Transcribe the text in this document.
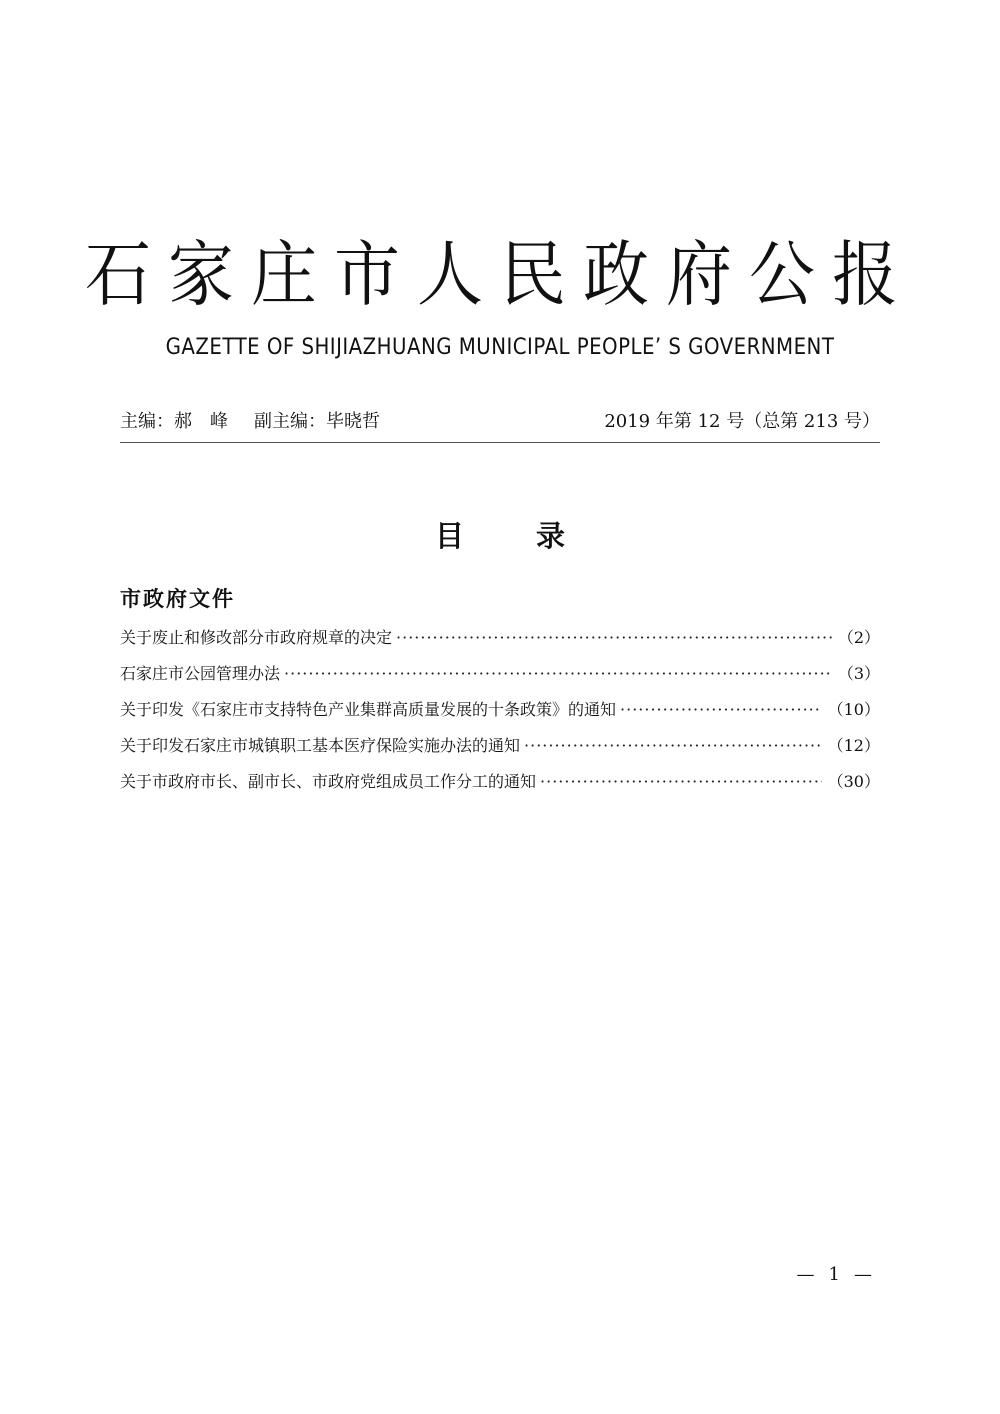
石家庄市人民政府公报
GAZETTE OF SHIJIAZHUANG MUNICIPAL PEOPLE’ S GOVERNMENT
主编：郝　峰 副主编：毕晓哲	2019 年第 12 号（总第 213 号）
目录
市政府文件
关于废止和修改部分市政府规章的决定 ·····	（2）
石家庄市公园管理办法 ·····	（3）
关于印发《石家庄市支持特色产业集群高质量发展的十条政策》的通知 ·····	（10）
关于印发石家庄市城镇职工基本医疗保险实施办法的通知 ·····	（12）
关于市政府市长、副市长、市政府党组成员工作分工的通知 ·····	（30）
— 1 —
